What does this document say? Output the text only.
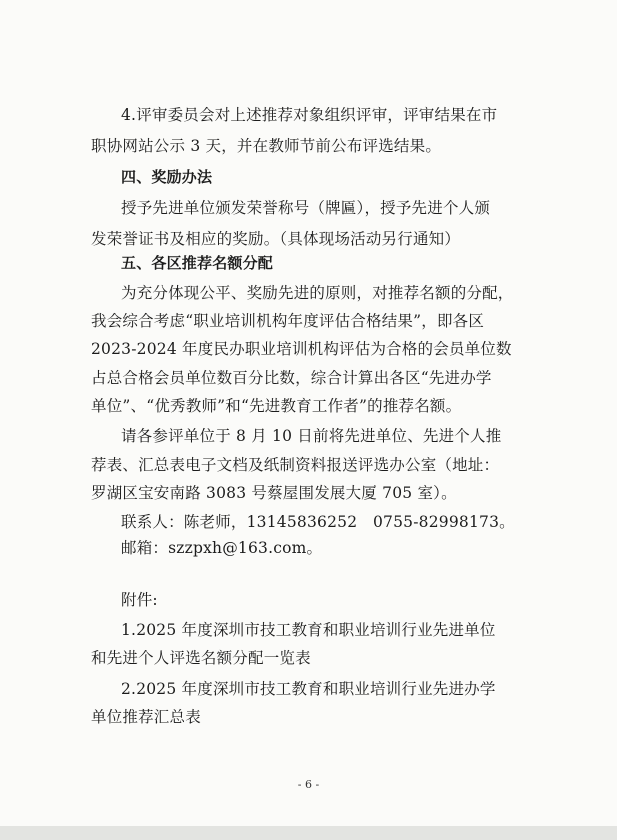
4.评审委员会对上述推荐对象组织评审，评审结果在市
职协网站公示 3 天，并在教师节前公布评选结果。
四、奖励办法
授予先进单位颁发荣誉称号（牌匾），授予先进个人颁
发荣誉证书及相应的奖励。（具体现场活动另行通知）
五、各区推荐名额分配
为充分体现公平、奖励先进的原则，对推荐名额的分配，
我会综合考虑“职业培训机构年度评估合格结果”，即各区
2023-2024 年度民办职业培训机构评估为合格的会员单位数
占总合格会员单位数百分比数，综合计算出各区“先进办学
单位”、“优秀教师”和“先进教育工作者”的推荐名额。
请各参评单位于 8 月 10 日前将先进单位、先进个人推
荐表、汇总表电子文档及纸制资料报送评选办公室（地址：
罗湖区宝安南路 3083 号蔡屋围发展大厦 705 室）。
联系人：陈老师，13145836252　0755-82998173。
邮箱：szzpxh@163.com。
附件:
1.2025 年度深圳市技工教育和职业培训行业先进单位
和先进个人评选名额分配一览表
2.2025 年度深圳市技工教育和职业培训行业先进办学
单位推荐汇总表
- 6 -
